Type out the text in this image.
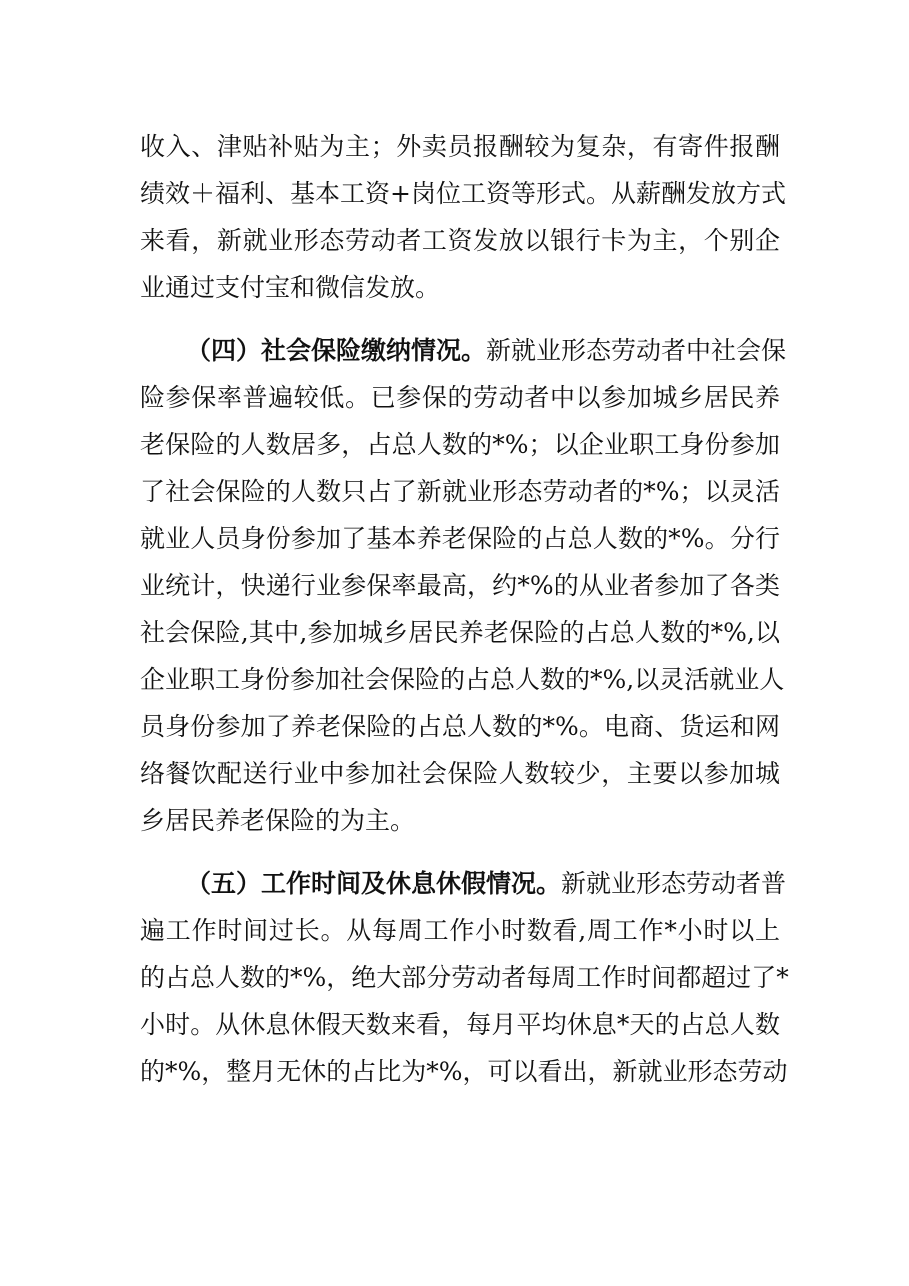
收入、津贴补贴为主；外卖员报酬较为复杂，有寄件报酬
绩效＋福利、基本工资+岗位工资等形式。从薪酬发放方式
来看，新就业形态劳动者工资发放以银行卡为主，个别企
业通过支付宝和微信发放。
（四）社会保险缴纳情况。 新就业形态劳动者中社会保
险参保率普遍较低。已参保的劳动者中以参加城乡居民养
老保险的人数居多，占总人数的*%；以企业职工身份参加
了社会保险的人数只占了新就业形态劳动者的*%；以灵活
就业人员身份参加了基本养老保险的占总人数的*%。分行
业统计，快递行业参保率最高，约*%的从业者参加了各类
社会保险,其中,参加城乡居民养老保险的占总人数的*%,以
企业职工身份参加社会保险的占总人数的*%,以灵活就业人
员身份参加了养老保险的占总人数的*%。电商、货运和网
络餐饮配送行业中参加社会保险人数较少，主要以参加城
乡居民养老保险的为主。
（五）工作时间及休息休假情况。 新就业形态劳动者普
遍工作时间过长。从每周工作小时数看,周工作*小时以上
的占总人数的*%，绝大部分劳动者每周工作时间都超过了*
小时。从休息休假天数来看，每月平均休息*天的占总人数
的*%，整月无休的占比为*%，可以看出，新就业形态劳动
